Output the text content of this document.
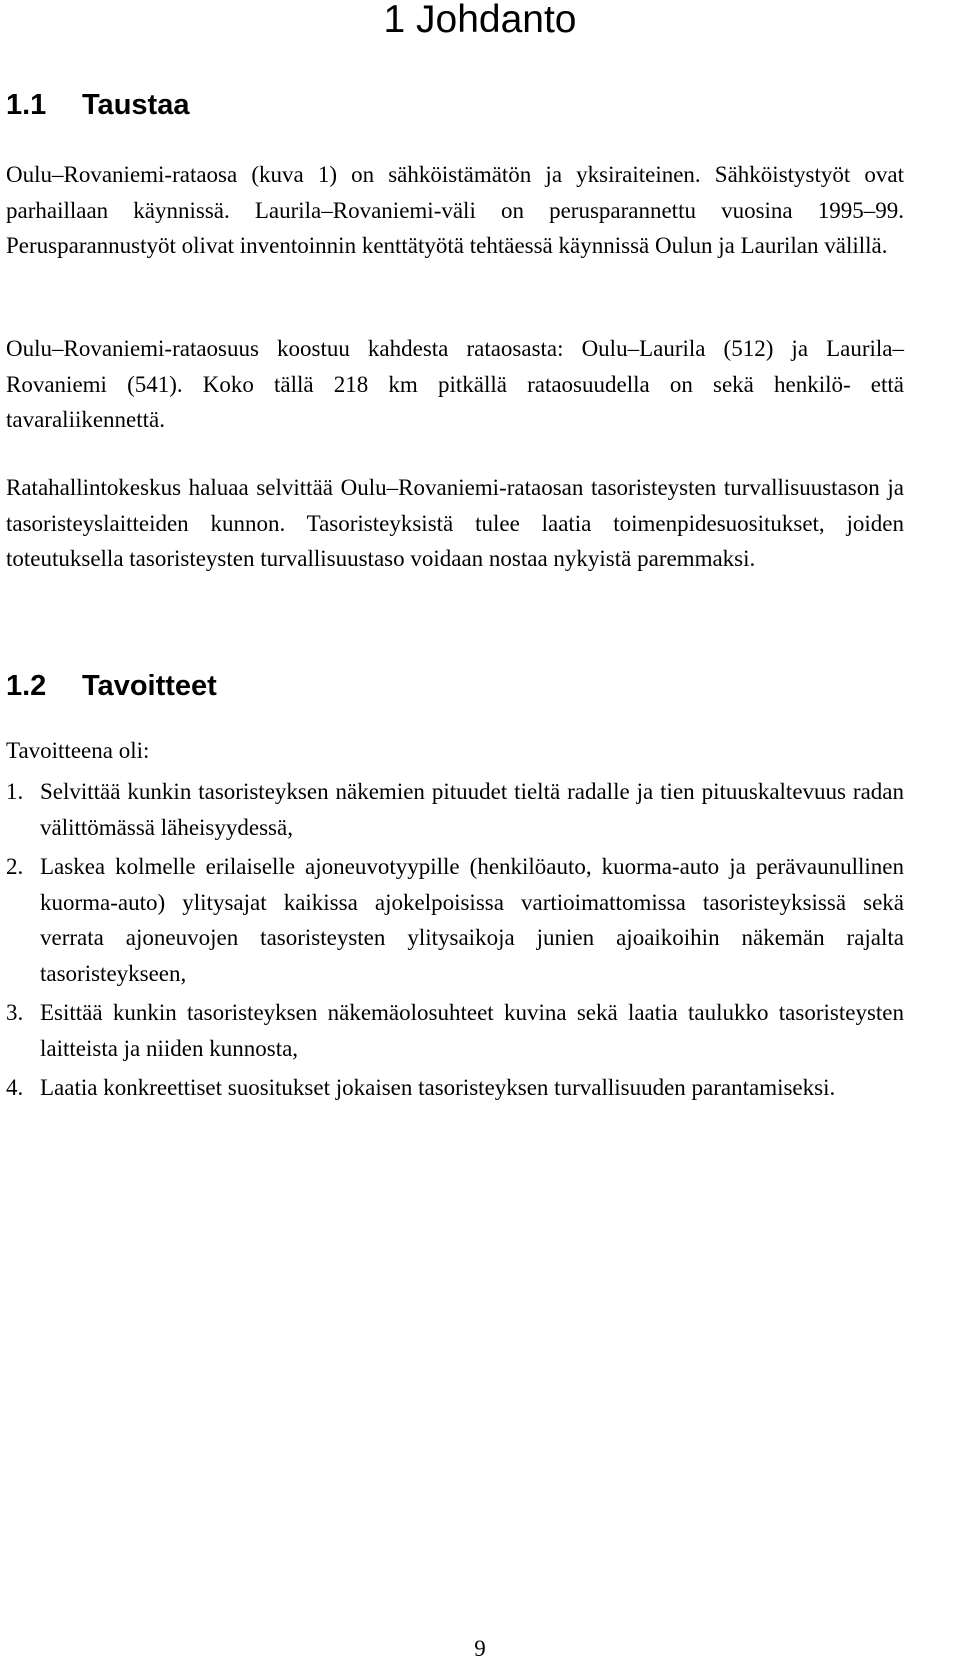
1 Johdanto
1.1 Taustaa

Oulu–Rovaniemi-rataosa (kuva 1) on sähköistämätön ja yksiraiteinen. Sähköistystyöt ovat parhaillaan käynnissä. Laurila–Rovaniemi-väli on perusparannettu vuosina 1995–99. Perusparannustyöt olivat inventoinnin kenttätyötä tehtäessä käynnissä Oulun ja Laurilan välillä.

Oulu–Rovaniemi-rataosuus koostuu kahdesta rataosasta: Oulu–Laurila (512) ja Laurila–Rovaniemi (541). Koko tällä 218 km pitkällä rataosuudella on sekä henkilö- että tavaraliikennettä.

Ratahallintokeskus haluaa selvittää Oulu–Rovaniemi-rataosan tasoristeysten turvallisuustason ja tasoristeyslaitteiden kunnon. Tasoristeyksistä tulee laatia toimenpidesuositukset, joiden toteutuksella tasoristeysten turvallisuustaso voidaan nostaa nykyistä paremmaksi.

1.2 Tavoitteet

Tavoitteena oli:

1. Selvittää kunkin tasoristeyksen näkemien pituudet tieltä radalle ja tien pituuskaltevuus radan välittömässä läheisyydessä,
2. Laskea kolmelle erilaiselle ajoneuvotyypille (henkilöauto, kuorma-auto ja perävaunullinen kuorma-auto) ylitysajat kaikissa ajokelpoisissa vartioimattomissa tasoristeyksissä sekä verrata ajoneuvojen tasoristeysten ylitysaikoja junien ajoaikoihin näkemän rajalta tasoristeykseen,
3. Esittää kunkin tasoristeyksen näkemäolosuhteet kuvina sekä laatia taulukko tasoristeysten laitteista ja niiden kunnosta,
4. Laatia konkreettiset suositukset jokaisen tasoristeyksen turvallisuuden parantamiseksi.

9
